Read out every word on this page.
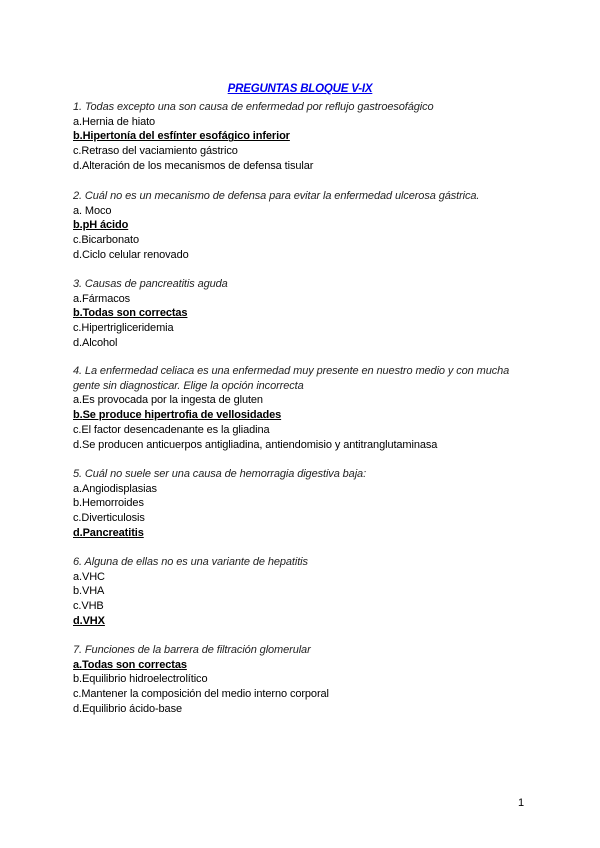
PREGUNTAS BLOQUE V-IX
1. Todas excepto una son causa de enfermedad por reflujo gastroesofágico
a.Hernia de hiato
b.Hipertonía del esfínter esofágico inferior
c.Retraso del vaciamiento gástrico
d.Alteración de los mecanismos de defensa tisular
2. Cuál no es un mecanismo de defensa para evitar la enfermedad ulcerosa gástrica.
a. Moco
b.pH ácido
c.Bicarbonato
d.Ciclo celular renovado
3. Causas de pancreatitis aguda
a.Fármacos
b.Todas son correctas
c.Hipertrigliceridemia
d.Alcohol
4. La enfermedad celiaca es una enfermedad muy presente en nuestro medio y con mucha gente sin diagnosticar. Elige la opción incorrecta
a.Es provocada por la ingesta de gluten
b.Se produce hipertrofia de vellosidades
c.El factor desencadenante es la gliadina
d.Se producen anticuerpos antigliadina, antiendomisio y antitranglutaminasa
5. Cuál no suele ser una causa de hemorragia digestiva baja:
a.Angiodisplasias
b.Hemorroides
c.Diverticulosis
d.Pancreatitis
6. Alguna de ellas no es una variante de hepatitis
a.VHC
b.VHA
c.VHB
d.VHX
7. Funciones de la barrera de filtración glomerular
a.Todas son correctas
b.Equilibrio hidroelectrolítico
c.Mantener la composición del medio interno corporal
d.Equilibrio ácido-base
1
